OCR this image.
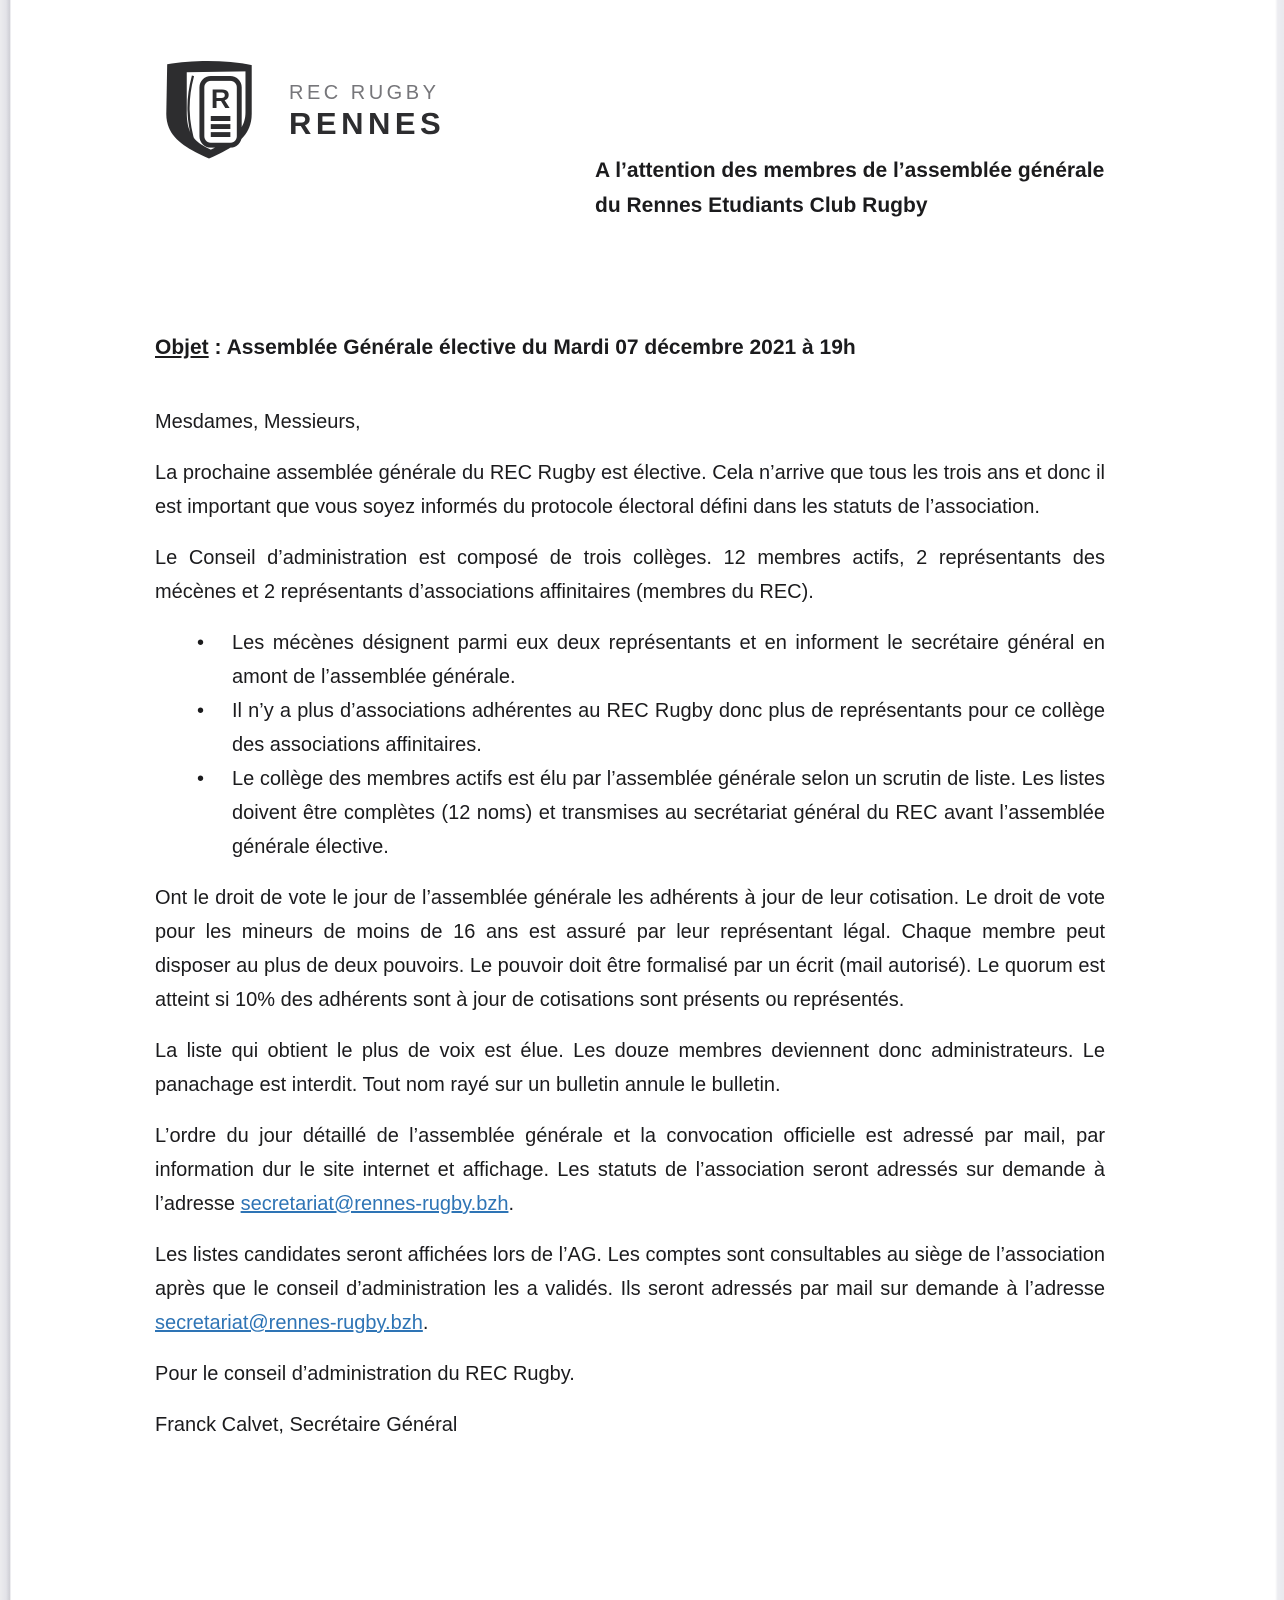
R	REC RUGBY
RENNES
A l’attention des membres de l’assemblée générale
du Rennes Etudiants Club Rugby

Objet : Assemblée Générale élective du Mardi 07 décembre 2021 à 19h

Mesdames, Messieurs,

La prochaine assemblée générale du REC Rugby est élective. Cela n’arrive que tous les trois ans et donc il est important que vous soyez informés du protocole électoral défini dans les statuts de l’association.

Le Conseil d’administration est composé de trois collèges. 12 membres actifs, 2 représentants des mécènes et 2 représentants d’associations affinitaires (membres du REC).

• Les mécènes désignent parmi eux deux représentants et en informent le secrétaire général en amont de l’assemblée générale.
• Il n’y a plus d’associations adhérentes au REC Rugby donc plus de représentants pour ce collège des associations affinitaires.
• Le collège des membres actifs est élu par l’assemblée générale selon un scrutin de liste. Les listes doivent être complètes (12 noms) et transmises au secrétariat général du REC avant l’assemblée générale élective.

Ont le droit de vote le jour de l’assemblée générale les adhérents à jour de leur cotisation. Le droit de vote pour les mineurs de moins de 16 ans est assuré par leur représentant légal. Chaque membre peut disposer au plus de deux pouvoirs. Le pouvoir doit être formalisé par un écrit (mail autorisé). Le quorum est atteint si 10% des adhérents sont à jour de cotisations sont présents ou représentés.

La liste qui obtient le plus de voix est élue. Les douze membres deviennent donc administrateurs. Le panachage est interdit. Tout nom rayé sur un bulletin annule le bulletin.

L’ordre du jour détaillé de l’assemblée générale et la convocation officielle est adressé par mail, par information dur le site internet et affichage. Les statuts de l’association seront adressés sur demande à l’adresse secretariat@rennes-rugby.bzh.

Les listes candidates seront affichées lors de l’AG. Les comptes sont consultables au siège de l’association après que le conseil d’administration les a validés. Ils seront adressés par mail sur demande à l’adresse secretariat@rennes-rugby.bzh.

Pour le conseil d’administration du REC Rugby.

Franck Calvet, Secrétaire Général
